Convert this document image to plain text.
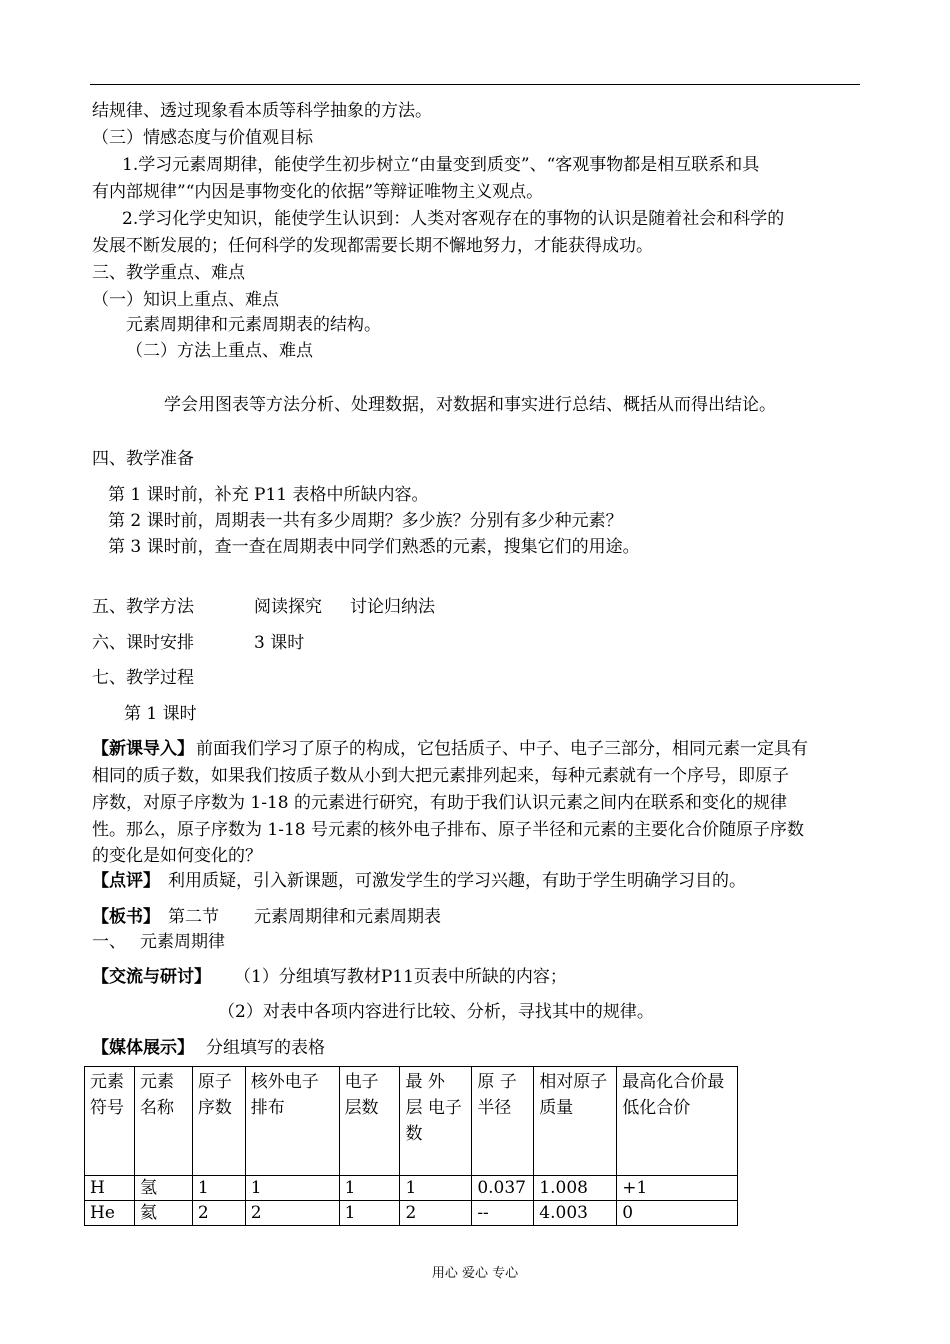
结规律、透过现象看本质等科学抽象的方法。
（三）情感态度与价值观目标
1.学习元素周期律，能使学生初步树立“由量变到质变”、“客观事物都是相互联系和具
有内部规律”“内因是事物变化的依据”等辩证唯物主义观点。
2.学习化学史知识，能使学生认识到：人类对客观存在的事物的认识是随着社会和科学的
发展不断发展的；任何科学的发现都需要长期不懈地努力，才能获得成功。
三、教学重点、难点
（一）知识上重点、难点
元素周期律和元素周期表的结构。
（二）方法上重点、难点
学会用图表等方法分析、处理数据，对数据和事实进行总结、概括从而得出结论。
四、教学准备
第 1 课时前，补充 P11 表格中所缺内容。
第 2 课时前，周期表一共有多少周期？多少族？分别有多少种元素？
第 3 课时前，查一查在周期表中同学们熟悉的元素，搜集它们的用途。
五、教学方法	阅读探究 讨论归纳法
六、课时安排	3 课时
七、教学过程
第 1 课时
【新课导入】 前面我们学习了原子的构成，它包括质子、中子、电子三部分，相同元素一定具有
相同的质子数，如果我们按质子数从小到大把元素排列起来，每种元素就有一个序号，即原子
序数，对原子序数为 1-18 的元素进行研究，有助于我们认识元素之间内在联系和变化的规律
性。那么，原子序数为 1-18 号元素的核外电子排布、原子半径和元素的主要化合价随原子序数
的变化是如何变化的？
【点评】 利用质疑，引入新课题，可激发学生的学习兴趣，有助于学生明确学习目的。
【板书】 第二节 元素周期律和元素周期表
一、 元素周期律
【交流与研讨】 （1）分组填写教材P11页表中所缺的内容；
（2）对表中各项内容进行比较、分析，寻找其中的规律。
【媒体展示】 分组填写的表格
元素符号	元素名称	原子序数	核外电子排布	电子层数	最 外 层 电子数	原 子 半径	相对原子质量	最高化合价最低化合价
H	氢	1	1	1	1	0.037	1.008	+1
He	氦	2	2	1	2	--	4.003	0
用心 爱心 专心
